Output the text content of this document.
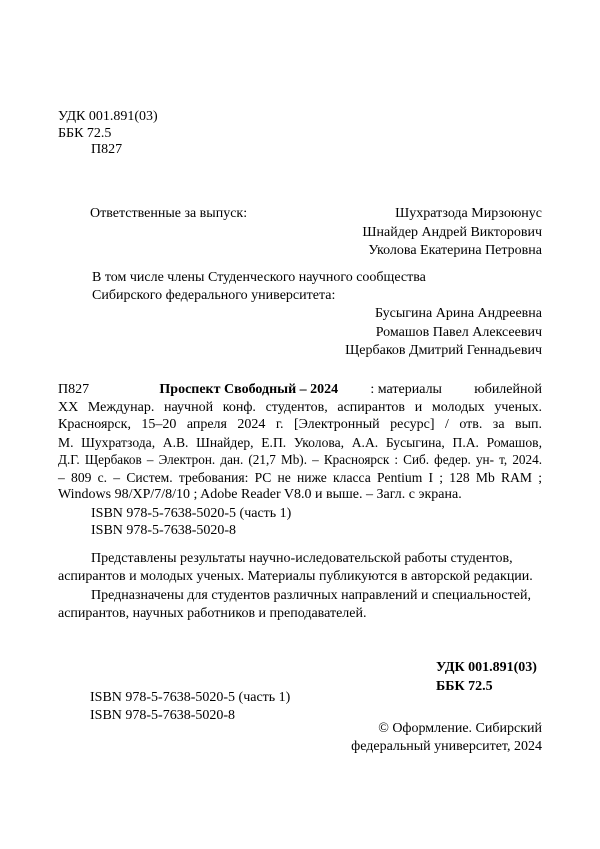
УДК 001.891(03)
ББК 72.5
П827
Ответственные за выпуск:	Шухратзода Мирзоюнус
Шнайдер Андрей Викторович
Уколова Екатерина Петровна
В том числе члены Студенческого научного сообщества
Сибирского федерального университета:
Бусыгина Арина Андреевна
Ромашов Павел Алексеевич
Щербаков Дмитрий Геннадьевич
П827	Проспект Свободный – 2024 : материалы юбилейной
XX Междунар. научной конф. студентов, аспирантов и молодых ученых.
Красноярск, 15–20 апреля 2024 г. [Электронный ресурс] / отв. за вып.
М. Шухратзода, А.В. Шнайдер, Е.П. Уколова, А.А. Бусыгина, П.А. Ромашов,
Д.Г. Щербаков – Электрон. дан. (21,7 Mb). – Красноярск : Сиб. федер. ун- т, 2024.
– 809 с. – Систем. требования: PC не ниже класса Pentium I ; 128 Mb RAM ;
Windows 98/XP/7/8/10 ; Adobe Reader V8.0 и выше. – Загл. с экрана.
ISBN 978-5-7638-5020-5 (часть 1)
ISBN 978-5-7638-5020-8
Представлены результаты научно-иследовательской работы студентов,
аспирантов и молодых ученых. Материалы публикуются в авторской редакции.
Предназначены для студентов различных направлений и специальностей,
аспирантов, научных работников и преподавателей.
УДК 001.891(03)
ББК 72.5
ISBN 978-5-7638-5020-5 (часть 1)
ISBN 978-5-7638-5020-8
© Оформление. Сибирский
федеральный университет, 2024
